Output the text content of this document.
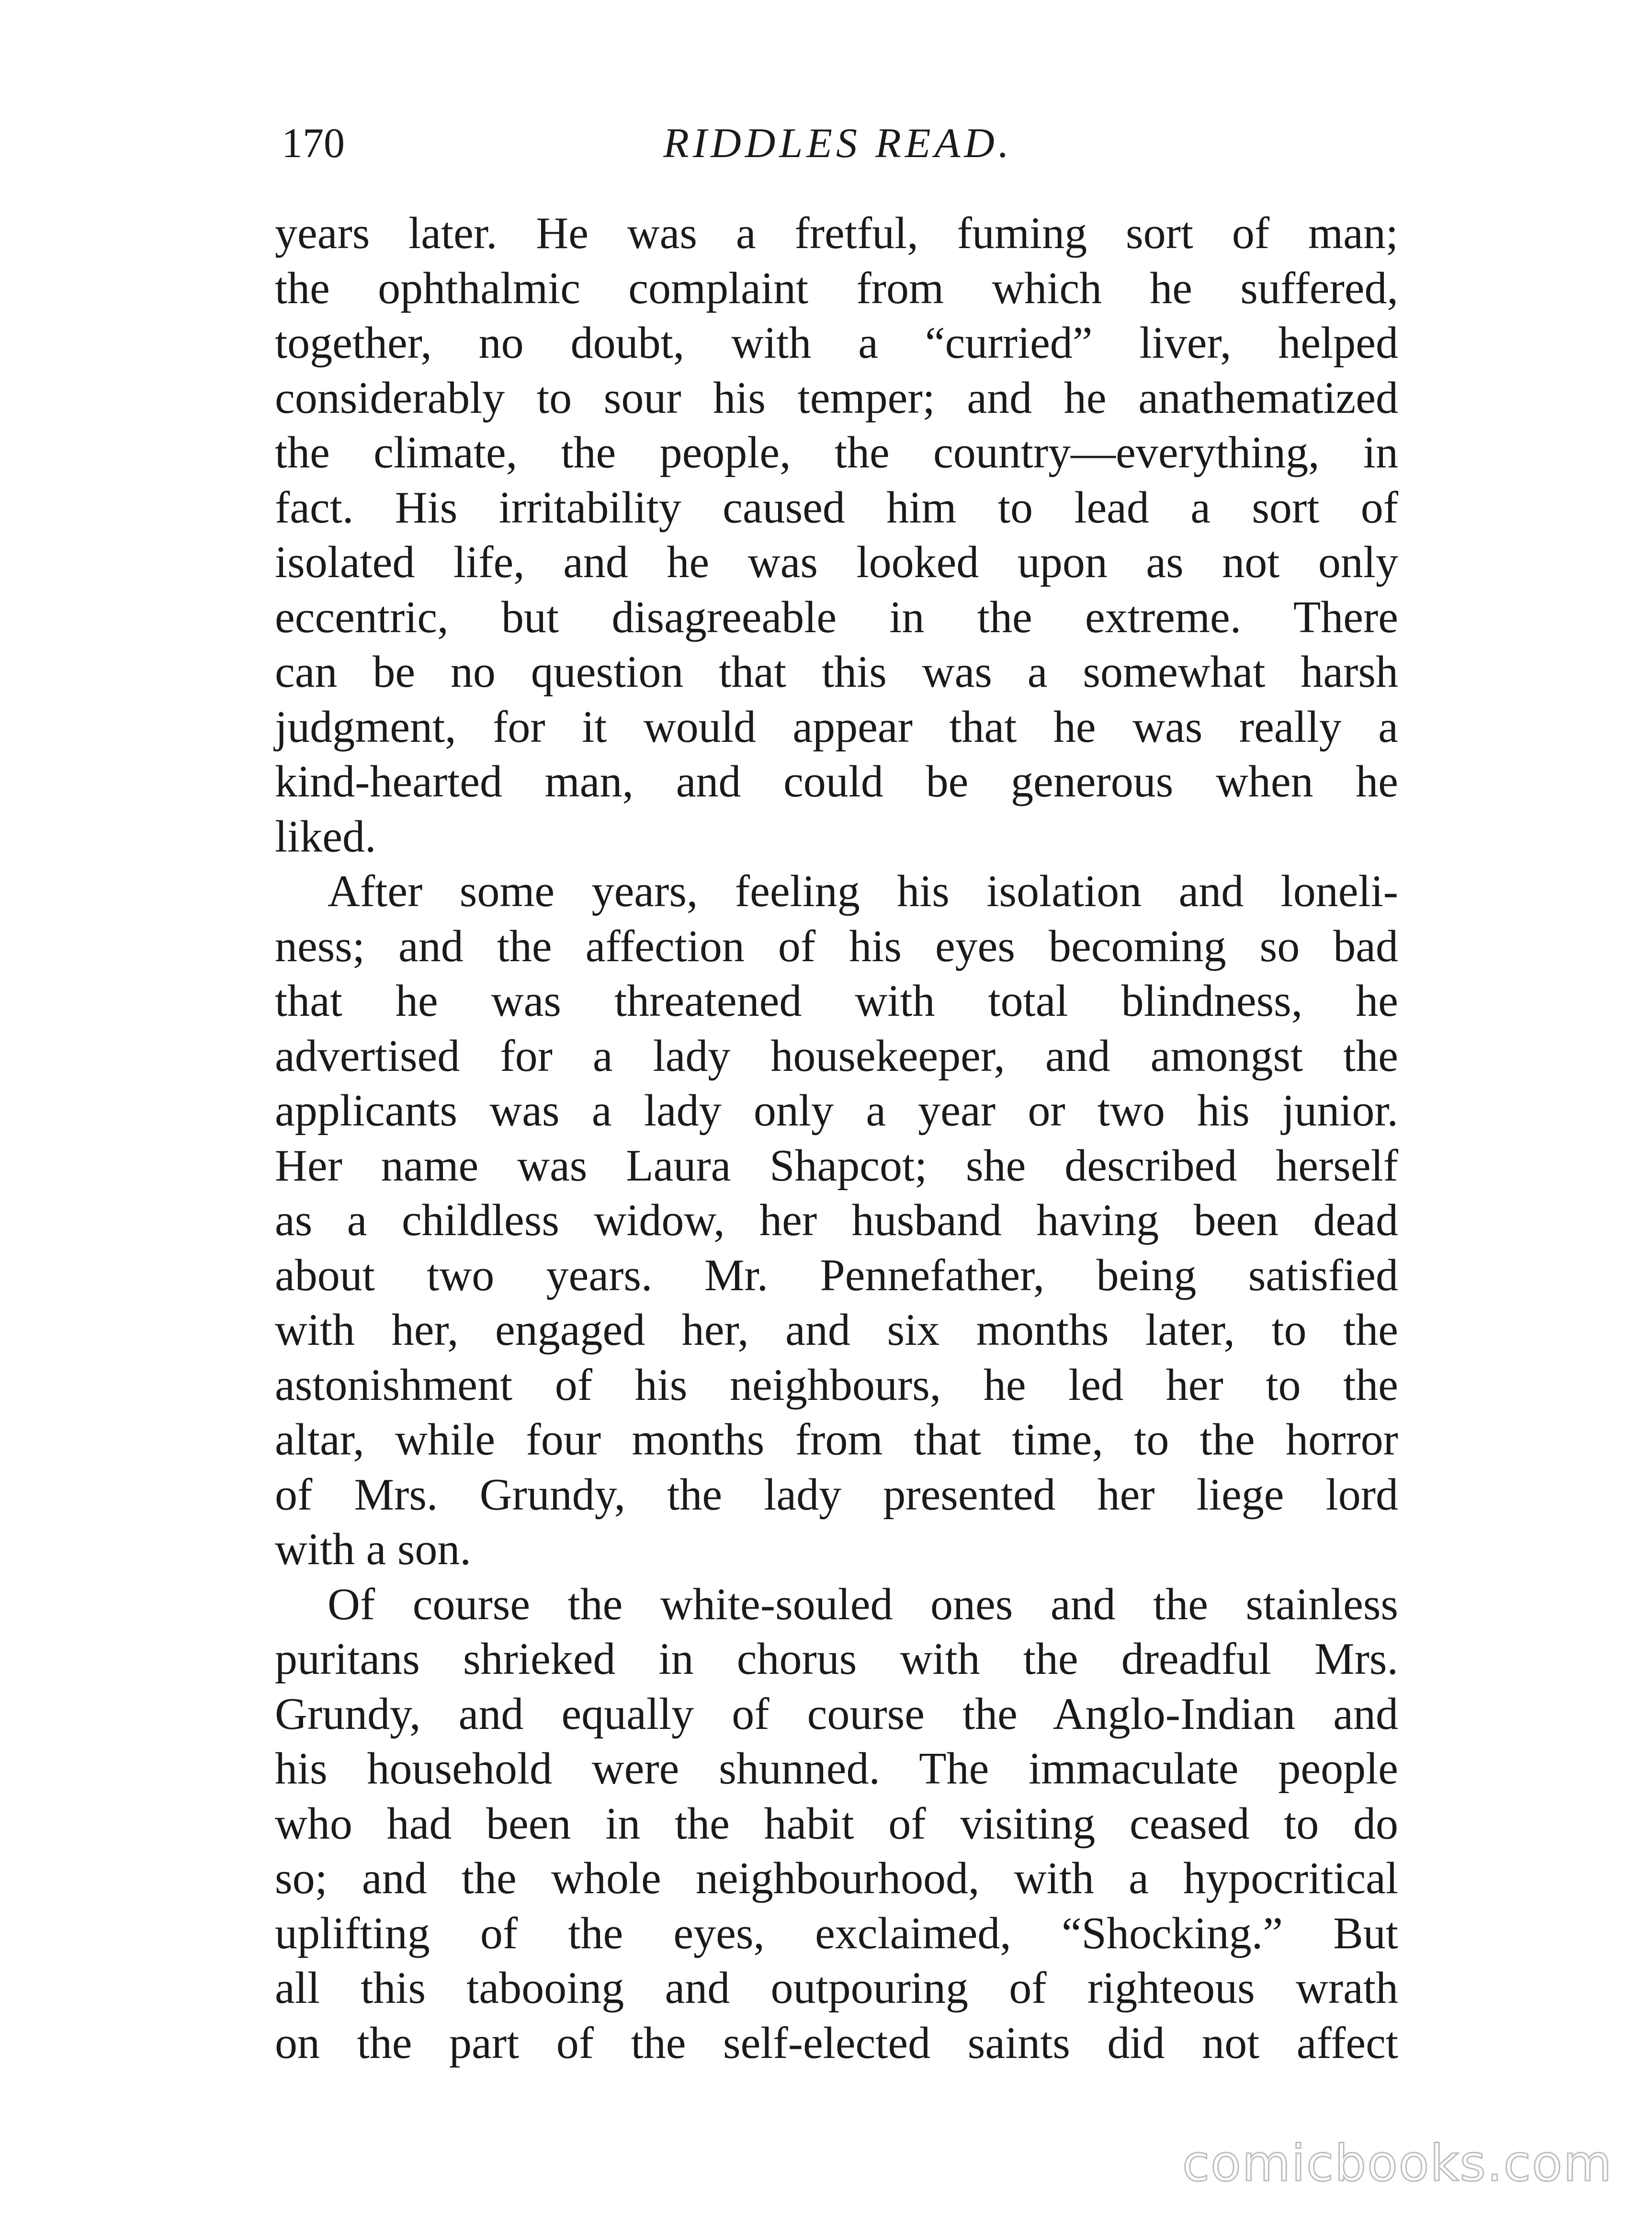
170	RIDDLES READ.
years later. He was a fretful, fuming sort of man;
the ophthalmic complaint from which he suffered,
together, no doubt, with a “curried” liver, helped
considerably to sour his temper; and he anathematized
the climate, the people, the country—everything, in
fact. His irritability caused him to lead a sort of
isolated life, and he was looked upon as not only
eccentric, but disagreeable in the extreme. There
can be no question that this was a somewhat harsh
judgment, for it would appear that he was really a
kind-hearted man, and could be generous when he
liked.
After some years, feeling his isolation and loneli-
ness; and the affection of his eyes becoming so bad
that he was threatened with total blindness, he
advertised for a lady housekeeper, and amongst the
applicants was a lady only a year or two his junior.
Her name was Laura Shapcot; she described herself
as a childless widow, her husband having been dead
about two years. Mr. Pennefather, being satisfied
with her, engaged her, and six months later, to the
astonishment of his neighbours, he led her to the
altar, while four months from that time, to the horror
of Mrs. Grundy, the lady presented her liege lord
with a son.
Of course the white-souled ones and the stainless
puritans shrieked in chorus with the dreadful Mrs.
Grundy, and equally of course the Anglo-Indian and
his household were shunned. The immaculate people
who had been in the habit of visiting ceased to do
so; and the whole neighbourhood, with a hypocritical
uplifting of the eyes, exclaimed, “Shocking.” But
all this tabooing and outpouring of righteous wrath
on the part of the self-elected saints did not affect
comicbooks.com
